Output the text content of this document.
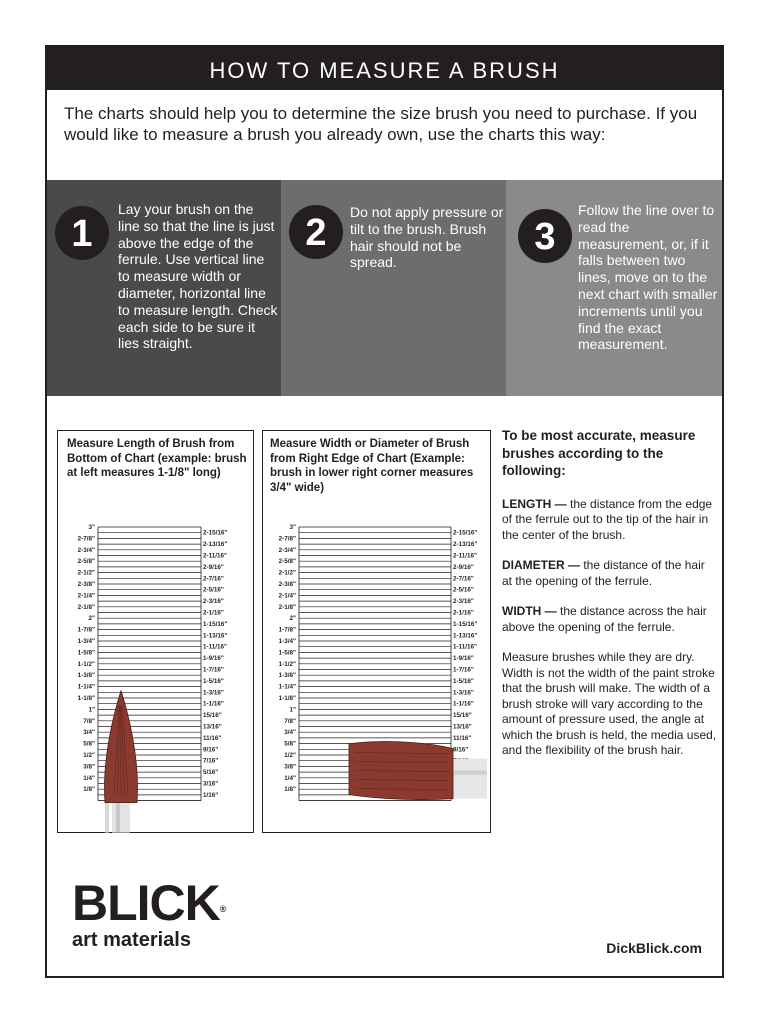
HOW TO MEASURE A BRUSH
The charts should help you to determine the size brush you need to purchase. If you would like to measure a brush you already own, use the charts this way:
1
Lay your brush on the line so that the line is just above the edge of the ferrule. Use vertical line to measure width or diameter, horizontal line to measure length. Check each side to be sure it lies straight.
2	Do not apply pressure or tilt to the brush. Brush hair should not be spread.
3
Follow the line over to read the measurement, or, if it falls between two lines, move on to the next chart with smaller increments until you find the exact measurement.
3"
2-7/8"
2-3/4"
2-5/8"
2-1/2"
2-3/8"
2-1/4"
2-1/8"
2"
1-7/8"
1-3/4"
1-5/8"
1-1/2"
1-3/8"
1-1/4"
1-1/8"
1"
7/8"
3/4"
5/8"
1/2"
3/8"
1/4"
1/8"
2-15/16"
2-13/16"
2-11/16"
2-9/16"
2-7/16"
2-5/16"
2-3/16"
2-1/16"
1-15/16"
1-13/16"
1-11/16"
1-9/16"
1-7/16"
1-5/16"
1-3/16"
1-1/16"
15/16"
13/16"
11/16"
9/16"
7/16"
5/16"
3/16"
1/16"
Measure Length of Brush from Bottom of Chart (example: brush at left measures 1-1/8" long)
3"
2-7/8"
2-3/4"
2-5/8"
2-1/2"
2-3/8"
2-1/4"
2-1/8"
2"
1-7/8"
1-3/4"
1-5/8"
1-1/2"
1-3/8"
1-1/4"
1-1/8"
1"
7/8"
3/4"
5/8"
1/2"
3/8"
1/4"
1/8"
2-15/16"
2-13/16"
2-11/16"
2-9/16"
2-7/16"
2-5/16"
2-3/16"
2-1/16"
1-15/16"
1-13/16"
1-11/16"
1-9/16"
1-7/16"
1-5/16"
1-3/16"
1-1/16"
15/16"
13/16"
11/16"
9/16"
Measure Width or Diameter of Brush from Right Edge of Chart (Example: brush in lower right corner measures 3/4" wide)
To be most accurate, measure brushes according to the following:

LENGTH — the distance from the edge of the ferrule out to the tip of the hair in the center of the brush.

DIAMETER — the distance of the hair at the opening of the ferrule.

WIDTH — the distance across the hair above the opening of the ferrule.

Measure brushes while they are dry. Width is not the width of the paint stroke that the brush will make. The width of a brush stroke will vary according to the amount of pressure used, the angle at which the brush is held, the media used, and the flexibility of the brush hair.

BLICK®
art materials	DickBlick.com
